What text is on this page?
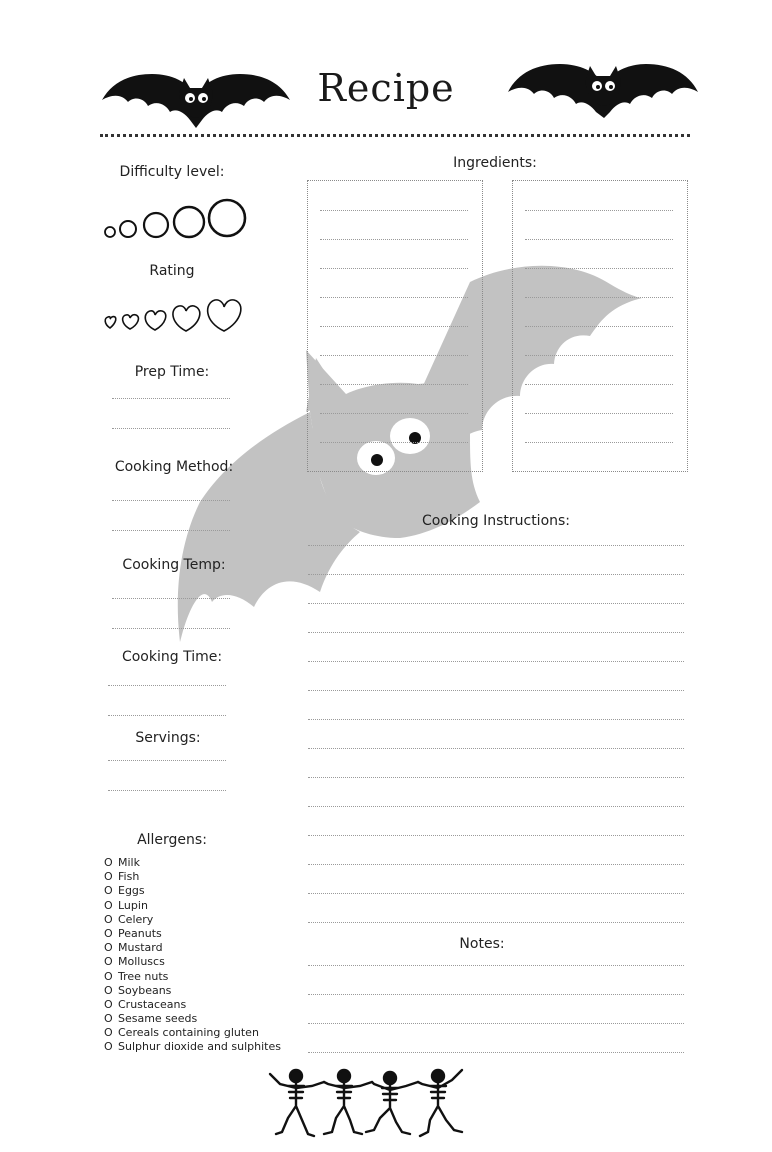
Recipe
Difficulty level:
Rating
Prep Time:
Cooking Method:
Cooking Temp:
Cooking Time:
Servings:
Allergens:
O Milk
O Fish
O Eggs
O Lupin
O Celery
O Peanuts
O Mustard
O Molluscs
O Tree nuts
O Soybeans
O Crustaceans
O Sesame seeds
O Cereals containing gluten
O Sulphur dioxide and sulphites
Ingredients:
Cooking Instructions:
Notes:
